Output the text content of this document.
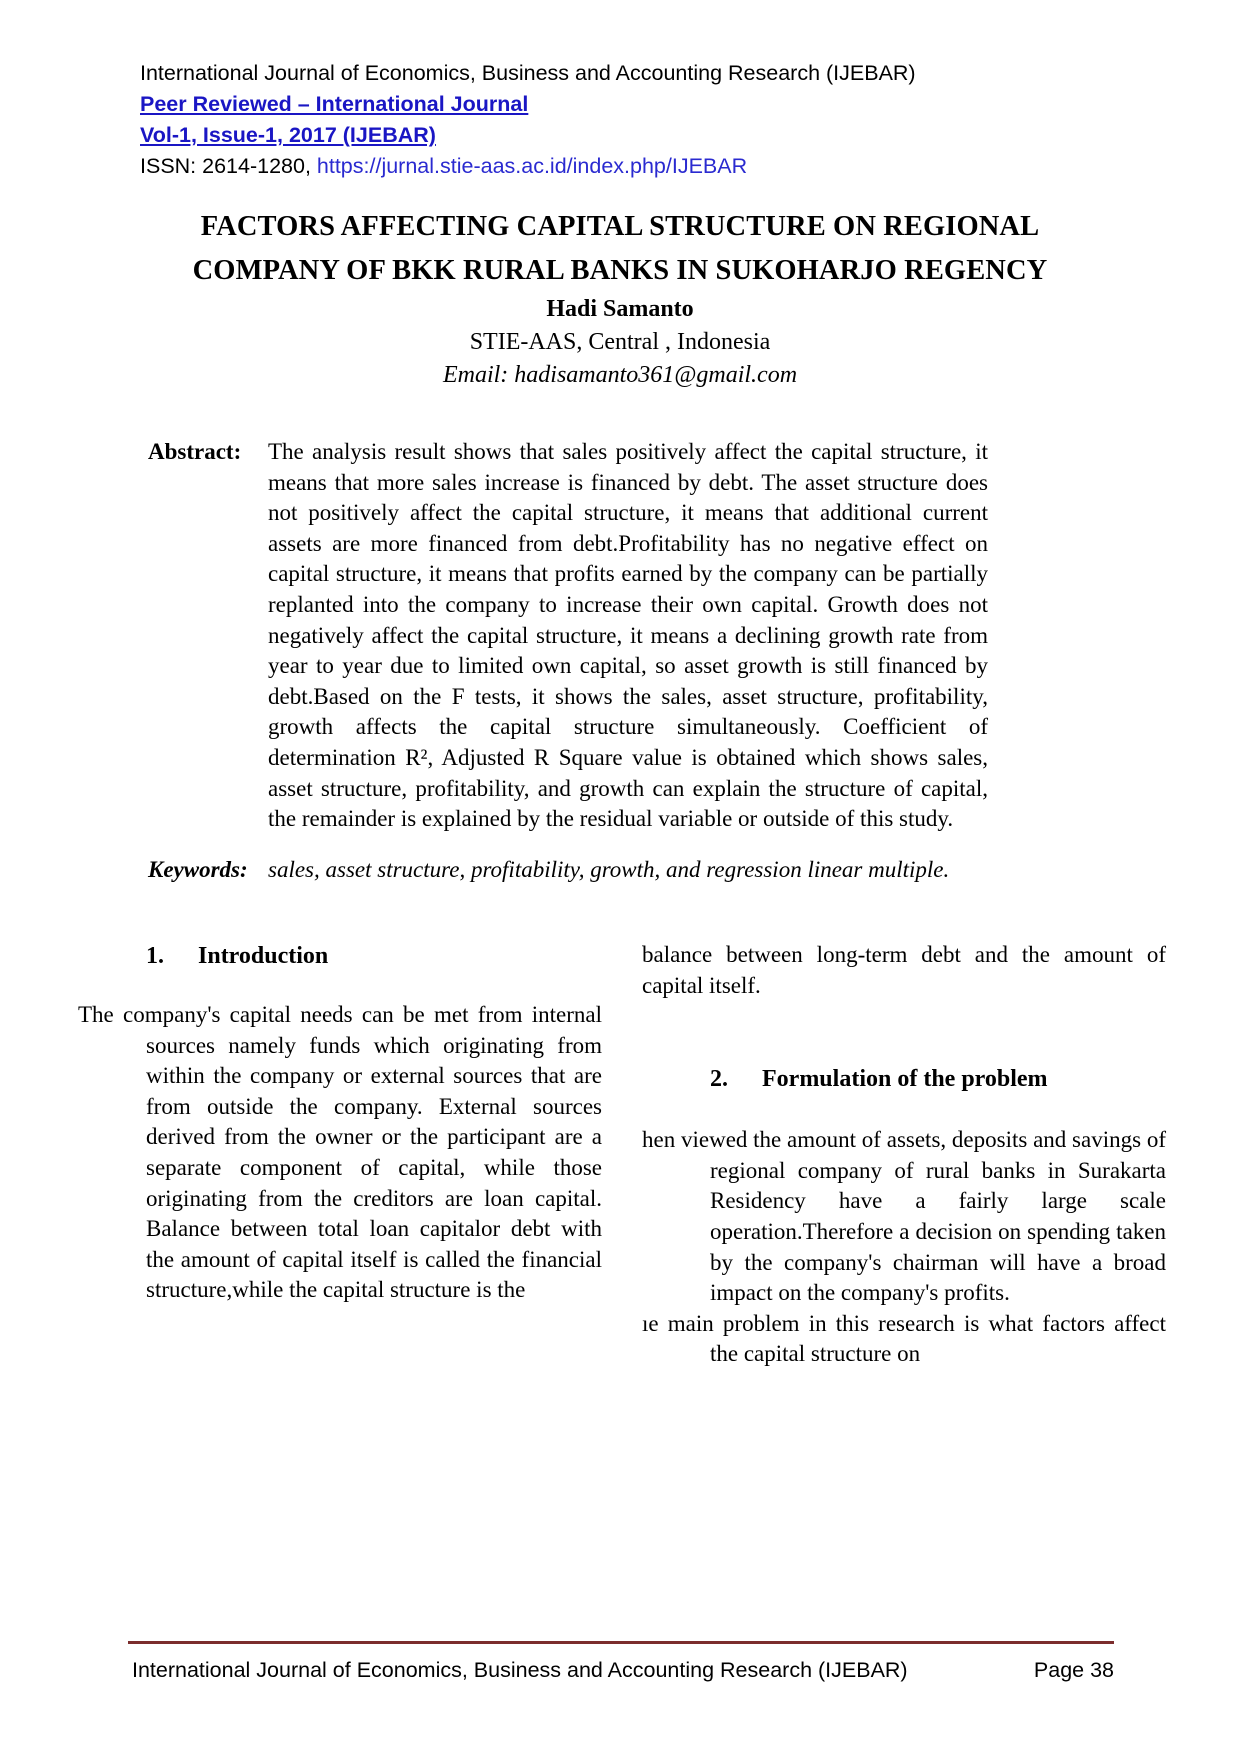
International Journal of Economics, Business and Accounting Research (IJEBAR)
Peer Reviewed – International Journal
Vol-1, Issue-1, 2017 (IJEBAR)
ISSN: 2614-1280, https://jurnal.stie-aas.ac.id/index.php/IJEBAR
FACTORS AFFECTING CAPITAL STRUCTURE ON REGIONAL
COMPANY OF BKK RURAL BANKS IN SUKOHARJO REGENCY
Hadi Samanto
STIE-AAS, Central , Indonesia
Email: hadisamanto361@gmail.com
Abstract:	The analysis result shows that sales positively affect the capital structure, it means that more sales increase is financed by debt. The asset structure does not positively affect the capital structure, it means that additional current assets are more financed from debt.Profitability has no negative effect on capital structure, it means that profits earned by the company can be partially replanted into the company to increase their own capital. Growth does not negatively affect the capital structure, it means a declining growth rate from year to year due to limited own capital, so asset growth is still financed by debt.Based on the F tests, it shows the sales, asset structure, profitability, growth affects the capital structure simultaneously. Coefficient of determination R², Adjusted R Square value is obtained which shows sales, asset structure, profitability, and growth can explain the structure of capital, the remainder is explained by the residual variable or outside of this study.
Keywords: sales, asset structure, profitability, growth, and regression linear multiple.
1.	Introduction
The company's capital needs can be met from internal sources namely funds which originating from within the company or external sources that are from outside the company. External sources derived from the owner or the participant are a separate component of capital, while those originating from the creditors are loan capital. Balance between total loan capitalor debt with the amount of capital itself is called the financial structure,while the capital structure is the
balance between long-term debt and the amount of capital itself.
2.	Formulation of the problem
hen viewed the amount of assets, deposits and savings of regional company of rural banks in Surakarta Residency have a fairly large scale operation.Therefore a decision on spending taken by the company's chairman will have a broad impact on the company's profits.
ıe main problem in this research is what factors affect the capital structure on
International Journal of Economics, Business and Accounting Research (IJEBAR)	Page 38
